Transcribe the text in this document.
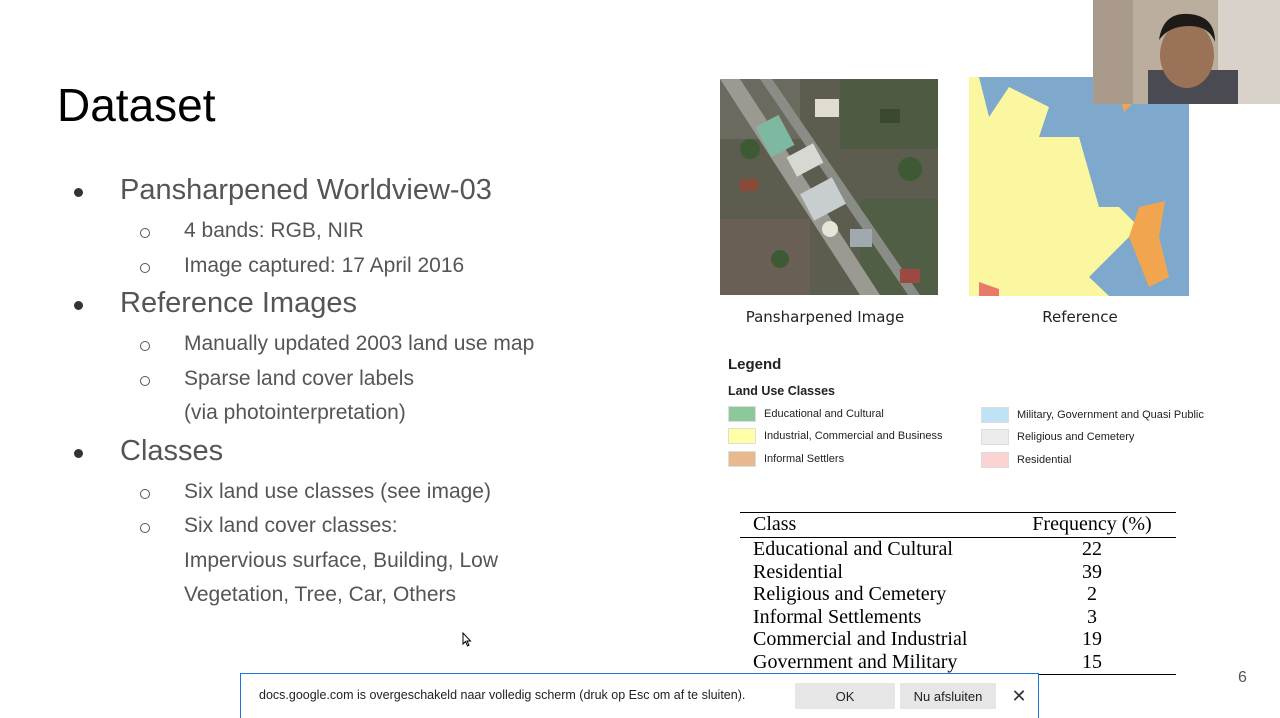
Dataset
Pansharpened Worldview-03
4 bands: RGB, NIR
Image captured: 17 April 2016
Reference Images
Manually updated 2003 land use map
Sparse land cover labels
(via photointerpretation)
Classes
Six land use classes (see image)
Six land cover classes:
Impervious surface, Building, Low
Vegetation, Tree, Car, Others
Pansharpened Image	Reference
Legend
Land Use Classes
Educational and Cultural
Industrial, Commercial and Business
Informal Settlers
Military, Government and Quasi Public
Religious and Cemetery
Residential
Class	Frequency (%)
Educational and Cultural	22
Residential	39
Religious and Cemetery	2
Informal Settlements	3
Commercial and Industrial	19
Government and Military	15
6
docs.google.com is overgeschakeld naar volledig scherm (druk op Esc om af te sluiten).	OK	Nu afsluiten	✕
